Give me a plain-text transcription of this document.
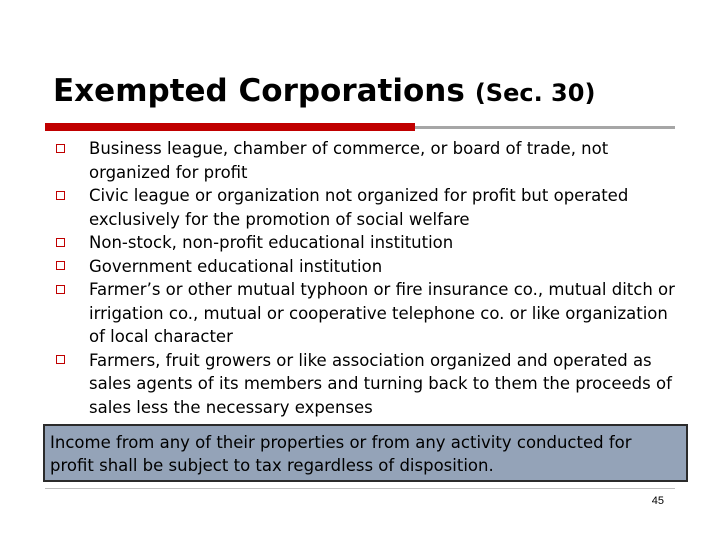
Exempted Corporations (Sec. 30)
Business league, chamber of commerce, or board of trade, not organized for profit
Civic league or organization not organized for profit but operated exclusively for the promotion of social welfare
Non-stock, non-profit educational institution
Government educational institution
Farmer’s or other mutual typhoon or fire insurance co., mutual ditch or irrigation co., mutual or cooperative telephone co. or like organization of local character
Farmers, fruit growers or like association organized and operated as sales agents of its members and turning back to them the proceeds of sales less the necessary expenses
Income from any of their properties or from any activity conducted for profit shall be subject to tax regardless of disposition.
45
